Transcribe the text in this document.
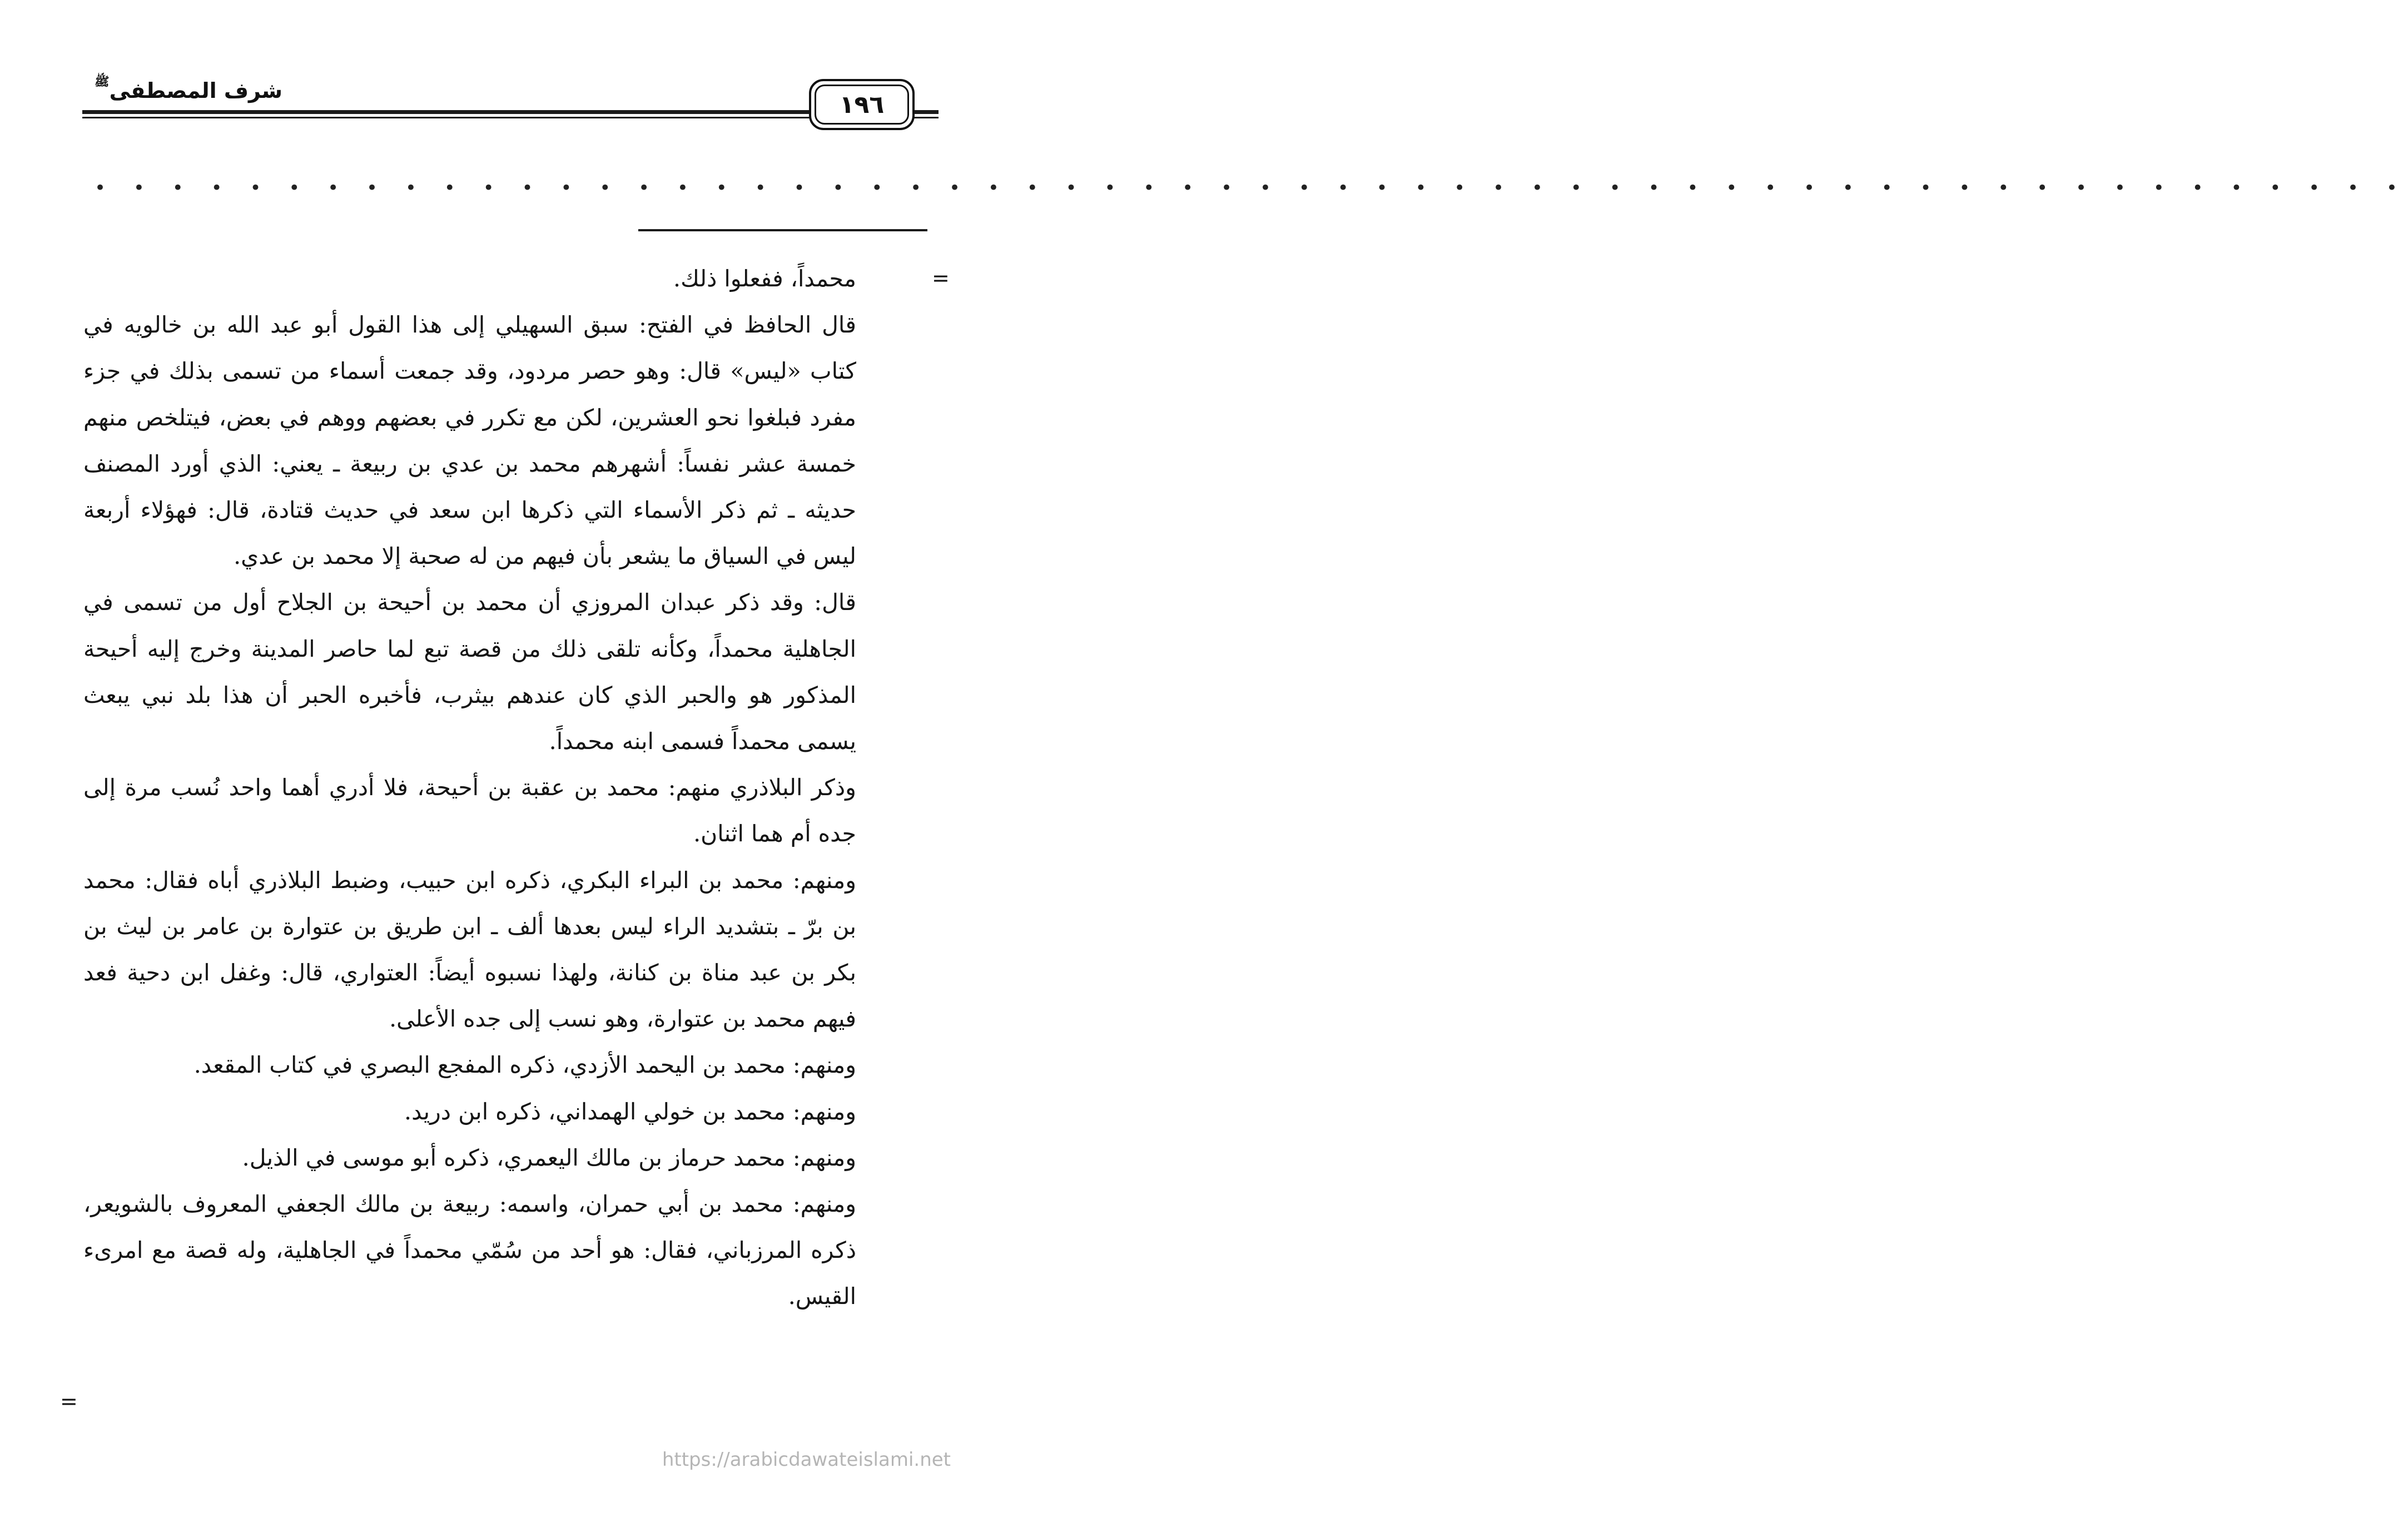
شرف المصطفىﷺ
١٩٦
• • • • • • • • • • • • • • • • • • • • • • • • • • • • • • • • • • • • • • • • • • • • • • • • • • • • • • • • • • • •
=
=

محمداً، ففعلوا ذلك.

قال الحافظ في الفتح: سبق السهيلي إلى هذا القول أبو عبد الله بن خالويه في كتاب «ليس» قال: وهو حصر مردود، وقد جمعت أسماء من تسمى بذلك في جزء مفرد فبلغوا نحو العشرين، لكن مع تكرر في بعضهم ووهم في بعض، فيتلخص منهم خمسة عشر نفساً: أشهرهم محمد بن عدي بن ربيعة ـ يعني: الذي أورد المصنف حديثه ـ ثم ذكر الأسماء التي ذكرها ابن سعد في حديث قتادة، قال: فهؤلاء أربعة ليس في السياق ما يشعر بأن فيهم من له صحبة إلا محمد بن عدي.

قال: وقد ذكر عبدان المروزي أن محمد بن أحيحة بن الجلاح أول من تسمى في الجاهلية محمداً، وكأنه تلقى ذلك من قصة تبع لما حاصر المدينة وخرج إليه أحيحة المذكور هو والحبر الذي كان عندهم بيثرب، فأخبره الحبر أن هذا بلد نبي يبعث يسمى محمداً فسمى ابنه محمداً.

وذكر البلاذري منهم: محمد بن عقبة بن أحيحة، فلا أدري أهما واحد نُسب مرة إلى جده أم هما اثنان.

ومنهم: محمد بن البراء البكري، ذكره ابن حبيب، وضبط البلاذري أباه فقال: محمد بن برّ ـ بتشديد الراء ليس بعدها ألف ـ ابن طريق بن عتوارة بن عامر بن ليث بن بكر بن عبد مناة بن كنانة، ولهذا نسبوه أيضاً: العتواري، قال: وغفل ابن دحية فعد فيهم محمد بن عتوارة، وهو نسب إلى جده الأعلى.

ومنهم: محمد بن اليحمد الأزدي، ذكره المفجع البصري في كتاب المقعد.

ومنهم: محمد بن خولي الهمداني، ذكره ابن دريد.

ومنهم: محمد حرماز بن مالك اليعمري، ذكره أبو موسى في الذيل.

ومنهم: محمد بن أبي حمران، واسمه: ربيعة بن مالك الجعفي المعروف بالشويعر، ذكره المرزباني، فقال: هو أحد من سُمّي محمداً في الجاهلية، وله قصة مع امرىء القيس.

https://arabicdawateislami.net
